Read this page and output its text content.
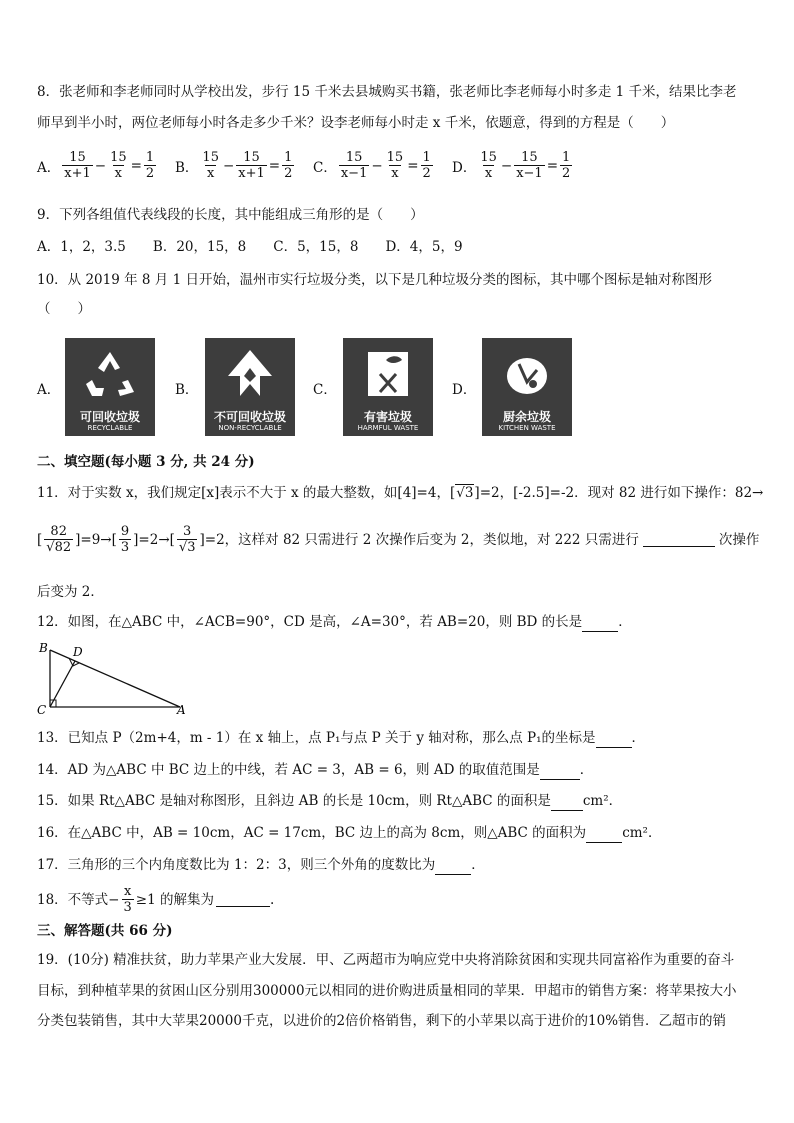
8．张老师和李老师同时从学校出发，步行 15 千米去县城购买书籍，张老师比李老师每小时多走 1 千米，结果比李老
师早到半小时，两位老师每小时各走多少千米？设李老师每小时走 x 千米，依题意，得到的方程是（　　）
A． $\frac{15}{x+1} - \frac{15}{x} = \frac{1}{2}$ B． $\frac{15}{x} - \frac{15}{x+1} = \frac{1}{2}$ C． $\frac{15}{x-1} - \frac{15}{x} = \frac{1}{2}$ D． $\frac{15}{x} - \frac{15}{x-1} = \frac{1}{2}$
9．下列各组值代表线段的长度，其中能组成三角形的是（　　）
A．1，2，3.5　　B．20，15，8　　C．5，15，8　　D．4，5，9
10．从 2019 年 8 月 1 日开始，温州市实行垃圾分类，以下是几种垃圾分类的图标，其中哪个图标是轴对称图形
（　　）
A．
可回收垃圾
RECYCLABLE
B．
不可回收垃圾
NON-RECYCLABLE
C．
有害垃圾
HARMFUL WASTE
D．
厨余垃圾
KITCHEN WASTE
二、填空题(每小题 3 分, 共 24 分)
11．对于实数 x，我们规定[x]表示不大于 x 的最大整数，如[4]=4，[√3]=2，[-2.5]=-2．现对 82 进行如下操作：82→
[ $\frac{82}{√82} ]=9\to[ \frac{9}{3} ]=2\to[ \frac{3}{√3} ]=2$，这样对 82 只需进行 2 次操作后变为 2，类似地，对 222 只需进行	次操作
后变为 2．
12．如图，在△ABC 中，∠ACB=90°，CD 是高，∠A=30°，若 AB=20，则 BD 的长是	．
B D
C	A
13．已知点 P（2m+4，m - 1）在 x 轴上，点 P₁与点 P 关于 y 轴对称，那么点 P₁的坐标是	．
14．AD 为△ABC 中 BC 边上的中线，若 AC = 3，AB = 6，则 AD 的取值范围是	．
15．如果 Rt△ABC 是轴对称图形，且斜边 AB 的长是 10cm，则 Rt△ABC 的面积是 cm²．
16．在△ABC 中，AB = 10cm，AC = 17cm，BC 边上的高为 8cm，则△ABC 的面积为	cm²．
17．三角形的三个内角度数比为 1：2：3，则三个外角的度数比为	．
18．不等式− $\frac{x}{3} \ge 1$ 的解集为	.
三、解答题(共 66 分)
19．(10分) 精准扶贫，助力苹果产业大发展．甲、乙两超市为响应党中央将消除贫困和实现共同富裕作为重要的奋斗
目标，到种植苹果的贫困山区分别用300000元以相同的进价购进质量相同的苹果．甲超市的销售方案：将苹果按大小
分类包装销售，其中大苹果20000千克，以进价的2倍价格销售，剩下的小苹果以高于进价的10%销售．乙超市的销
